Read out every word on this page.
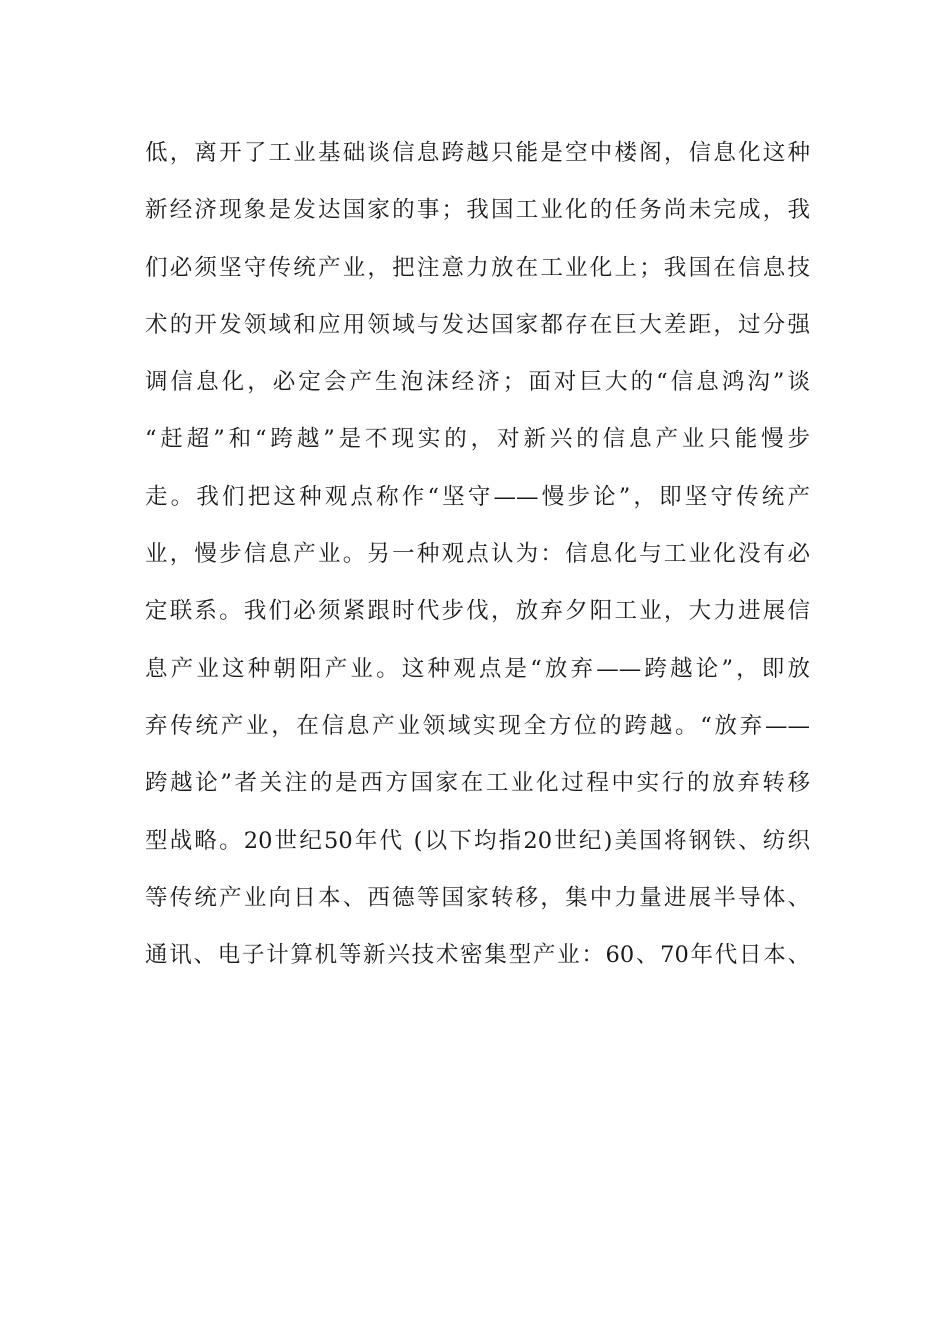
低，离开了工业基础谈信息跨越只能是空中楼阁，信息化这种
新经济现象是发达国家的事；我国工业化的任务尚未完成，我
们必须坚守传统产业，把注意力放在工业化上；我国在信息技
术的开发领域和应用领域与发达国家都存在巨大差距，过分强
调信息化，必定会产生泡沫经济；面对巨大的“信息鸿沟”谈
“赶超”和“跨越”是不现实的，对新兴的信息产业只能慢步
走。我们把这种观点称作“坚守——慢步论”，即坚守传统产
业，慢步信息产业。另一种观点认为：信息化与工业化没有必
定联系。我们必须紧跟时代步伐，放弃夕阳工业，大力进展信
息产业这种朝阳产业。这种观点是“放弃——跨越论”，即放
弃传统产业，在信息产业领域实现全方位的跨越。“放弃——
跨越论”者关注的是西方国家在工业化过程中实行的放弃转移
型战略。20世纪50年代 (以下均指20世纪)美国将钢铁、纺织
等传统产业向日本、西德等国家转移，集中力量进展半导体、
通讯、电子计算机等新兴技术密集型产业：60、70年代日本、
